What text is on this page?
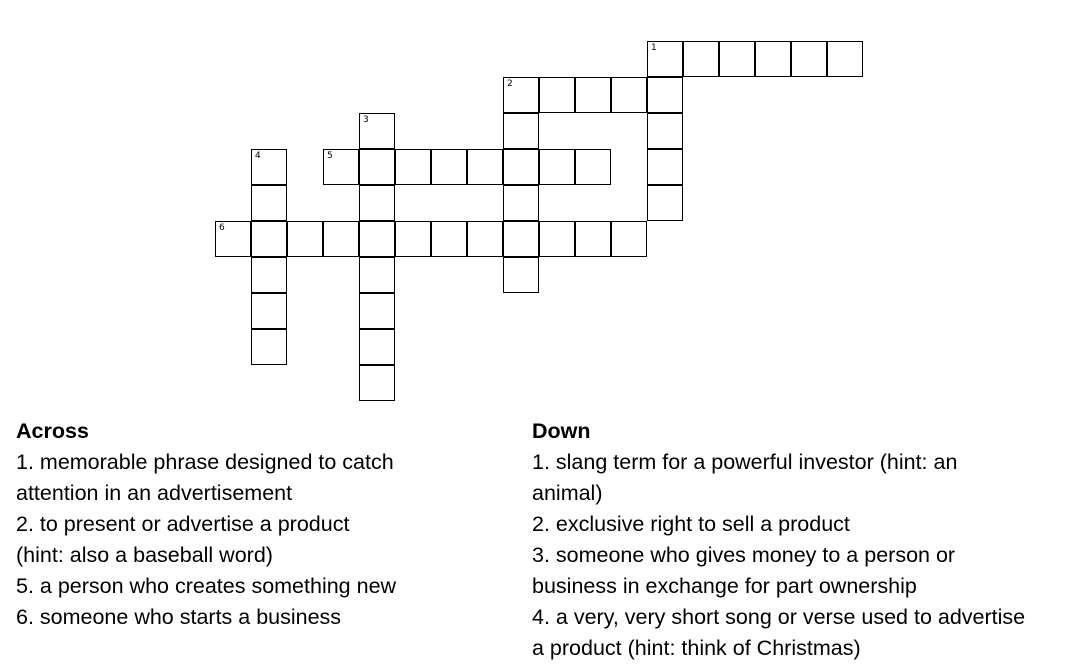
1
2
3
4	5
6
Across
1. memorable phrase designed to catch
attention in an advertisement
2. to present or advertise a product
(hint: also a baseball word)
5. a person who creates something new
6. someone who starts a business
Down
1. slang term for a powerful investor (hint: an
animal)
2. exclusive right to sell a product
3. someone who gives money to a person or
business in exchange for part ownership
4. a very, very short song or verse used to advertise
a product (hint: think of Christmas)
